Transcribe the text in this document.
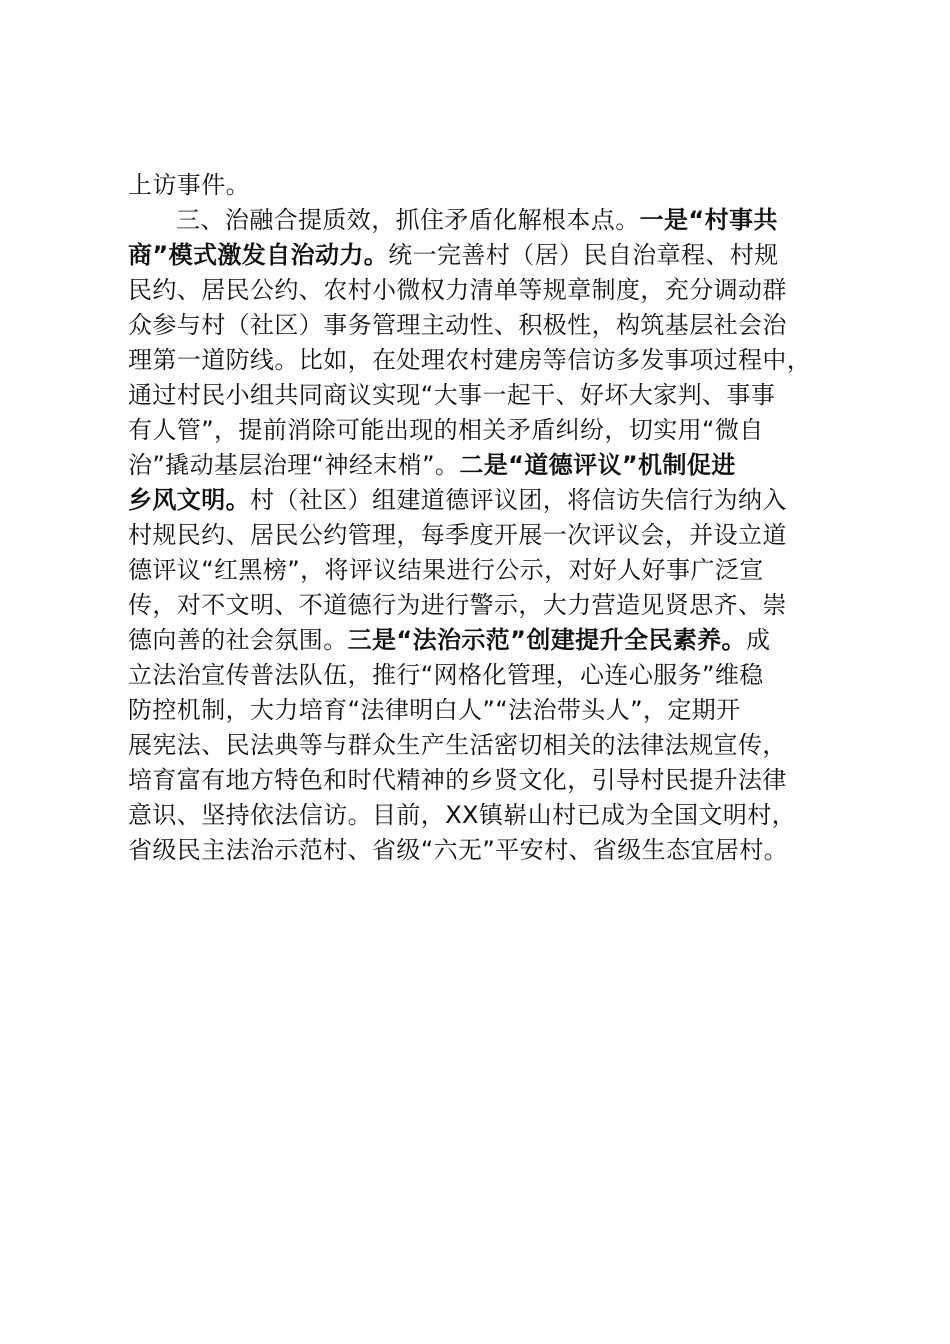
上访事件。
三、治融合提质效，抓住矛盾化解根本点。一是“村事共
商”模式激发自治动力。统一完善村（居）民自治章程、村规
民约、居民公约、农村小微权力清单等规章制度，充分调动群
众参与村（社区）事务管理主动性、积极性，构筑基层社会治
理第一道防线。比如，在处理农村建房等信访多发事项过程中，
通过村民小组共同商议实现“大事一起干、好坏大家判、事事
有人管”，提前消除可能出现的相关矛盾纠纷，切实用“微自
治”撬动基层治理“神经末梢”。二是“道德评议”机制促进
乡风文明。村（社区）组建道德评议团，将信访失信行为纳入
村规民约、居民公约管理，每季度开展一次评议会，并设立道
德评议“红黑榜”，将评议结果进行公示，对好人好事广泛宣
传，对不文明、不道德行为进行警示，大力营造见贤思齐、崇
德向善的社会氛围。三是“法治示范”创建提升全民素养。成
立法治宣传普法队伍，推行“网格化管理，心连心服务”维稳
防控机制，大力培育“法律明白人”“法治带头人”，定期开
展宪法、民法典等与群众生产生活密切相关的法律法规宣传，
培育富有地方特色和时代精神的乡贤文化，引导村民提升法律
意识、坚持依法信访。目前，XX镇崭山村已成为全国文明村，
省级民主法治示范村、省级“六无”平安村、省级生态宜居村。
